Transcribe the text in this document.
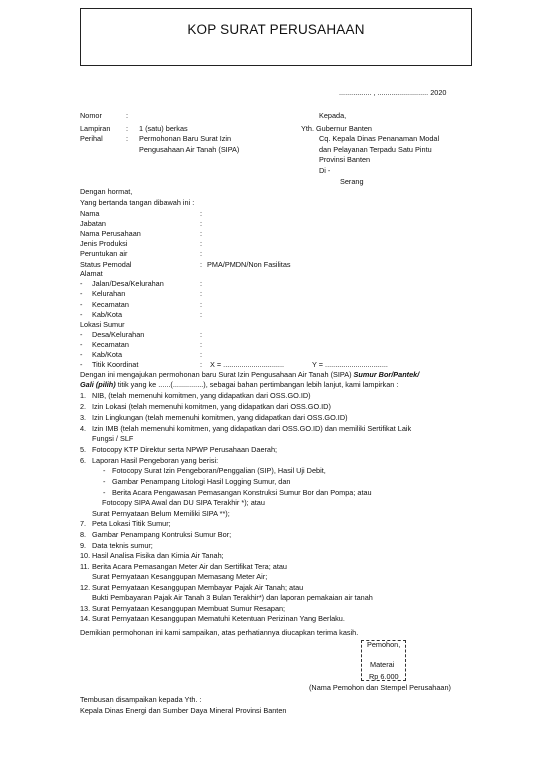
KOP SURAT PERUSAHAAN
................ , ......................... 2020
Nomor	:
Lampiran : 1 (satu) berkas
Perihal	: Permohonan Baru Surat Izin
Pengusahaan Air Tanah (SIPA)
Kepada,
Yth. Gubernur Banten
Cq. Kepala Dinas Penanaman Modal
dan Pelayanan Terpadu Satu Pintu
Provinsi Banten
Di -
Serang
Dengan hormat,
Yang bertanda tangan dibawah ini :
Nama	:
Jabatan	:
Nama Perusahaan	:
Jenis Produksi	:
Peruntukan air	:
Status Pemodal	: PMA/PMDN/Non Fasilitas
Alamat
- Jalan/Desa/Kelurahan	:
- Kelurahan	:
- Kecamatan	:
- Kab/Kota	:
Lokasi Sumur
- Desa/Kelurahan	:
- Kecamatan	:
- Kab/Kota	:
- Titik Koordinat	: X = ..............................	Y = ...............................
Dengan ini mengajukan permohonan baru Surat Izin Pengusahaan Air Tanah (SIPA) Sumur Bor/Pantek/
Gali (pilih) titik yang ke ......(...............), sebagai bahan pertimbangan lebih lanjut, kami lampirkan :
1. NIB, (telah memenuhi komitmen, yang didapatkan dari OSS.GO.ID)
2. Izin Lokasi (telah memenuhi komitmen, yang didapatkan dari OSS.GO.ID)
3. Izin Lingkungan (telah memenuhi komitmen, yang didapatkan dari OSS.GO.ID)
4. Izin IMB (telah memenuhi komitmen, yang didapatkan dari OSS.GO.ID) dan memiliki Sertifikat Laik
Fungsi / SLF
5. Fotocopy KTP Direktur serta NPWP Perusahaan Daerah;
6. Laporan Hasil Pengeboran yang berisi:
- Fotocopy Surat Izin Pengeboran/Penggalian (SIP), Hasil Uji Debit,
- Gambar Penampang Litologi Hasil Logging Sumur, dan
- Berita Acara Pengawasan Pemasangan Konstruksi Sumur Bor dan Pompa; atau
Fotocopy SIPA Awal dan DU SIPA Terakhir *); atau
Surat Pernyataan Belum Memiliki SIPA **);
7. Peta Lokasi Titik Sumur;
8. Gambar Penampang Kontruksi Sumur Bor;
9. Data teknis sumur;
10. Hasil Analisa Fisika dan Kimia Air Tanah;
11. Berita Acara Pemasangan Meter Air dan Sertifikat Tera; atau
Surat Pernyataan Kesanggupan Memasang Meter Air;
12. Surat Pernyataan Kesanggupan Membayar Pajak Air Tanah; atau
Bukti Pembayaran Pajak Air Tanah 3 Bulan Terakhir*) dan laporan pemakaian air tanah
13. Surat Pernyataan Kesanggupan Membuat Sumur Resapan;
14. Surat Pernyataan Kesanggupan Mematuhi Ketentuan Perizinan Yang Berlaku.
Demikian permohonan ini kami sampaikan, atas perhatiannya diucapkan terima kasih.
Pemohon,
Materai
Rp 6.000
(Nama Pemohon dan Stempel Perusahaan)
Tembusan disampaikan kepada Yth. :
Kepala Dinas Energi dan Sumber Daya Mineral Provinsi Banten
